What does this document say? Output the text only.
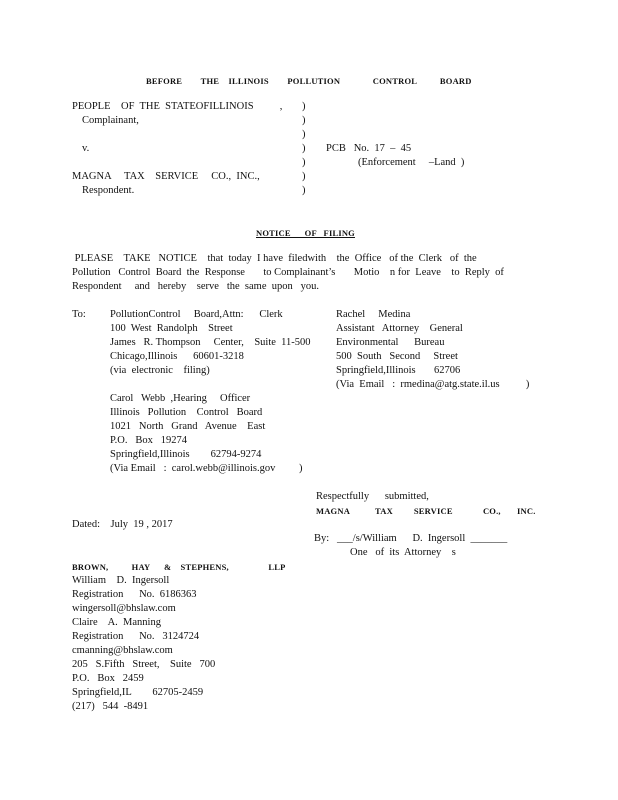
BEFORE        THE    ILLINOIS        POLLUTION              CONTROL          BOARD
PEOPLE    OF  THE  STATEOFILLINOIS          ,
Complainant,
v.
MAGNA     TAX    SERVICE     CO.,  INC.,
Respondent.
)
)
)
)
)
)
)
PCB   No.  17  –  45
(Enforcement     –Land  )
NOTICE      OF   FILING
PLEASE    TAKE   NOTICE    that  today  I have  filedwith    the  Office   of the  Clerk   of  the
Pollution   Control  Board  the  Response       to Complainant’s       Motio    n for  Leave    to  Reply  of
Respondent     and   hereby    serve   the  same  upon   you.
To: PollutionControl     Board,Attn:      Clerk
100  West  Randolph    Street
James   R. Thompson     Center,    Suite  11-500
Chicago,Illinois      60601-3218
(via  electronic    filing)
Rachel     Medina
Assistant   Attorney    General
Environmental      Bureau
500  South   Second     Street
Springfield,Illinois       62706
(Via  Email   :  rmedina@atg.state.il.us          )
Carol   Webb  ,Hearing     Officer
Illinois   Pollution    Control   Board
1021   North   Grand   Avenue    East
P.O.   Box   19274
Springfield,Illinois        62794-9274
(Via Email   :  carol.webb@illinois.gov         )
Respectfully      submitted,
MAGNA           TAX         SERVICE             CO.,       INC.
Dated:    July  19 , 2017
By:   ___/s/William      D.  Ingersoll  _______
One   of  its  Attorney    s
BROWN,          HAY      &    STEPHENS,                 LLP
William    D.  Ingersoll
Registration      No.  6186363
wingersoll@bhslaw.com
Claire    A.  Manning
Registration      No.   3124724
cmanning@bhslaw.com
205   S.Fifth   Street,    Suite   700
P.O.   Box   2459
Springfield,IL        62705-2459
(217)   544  -8491
